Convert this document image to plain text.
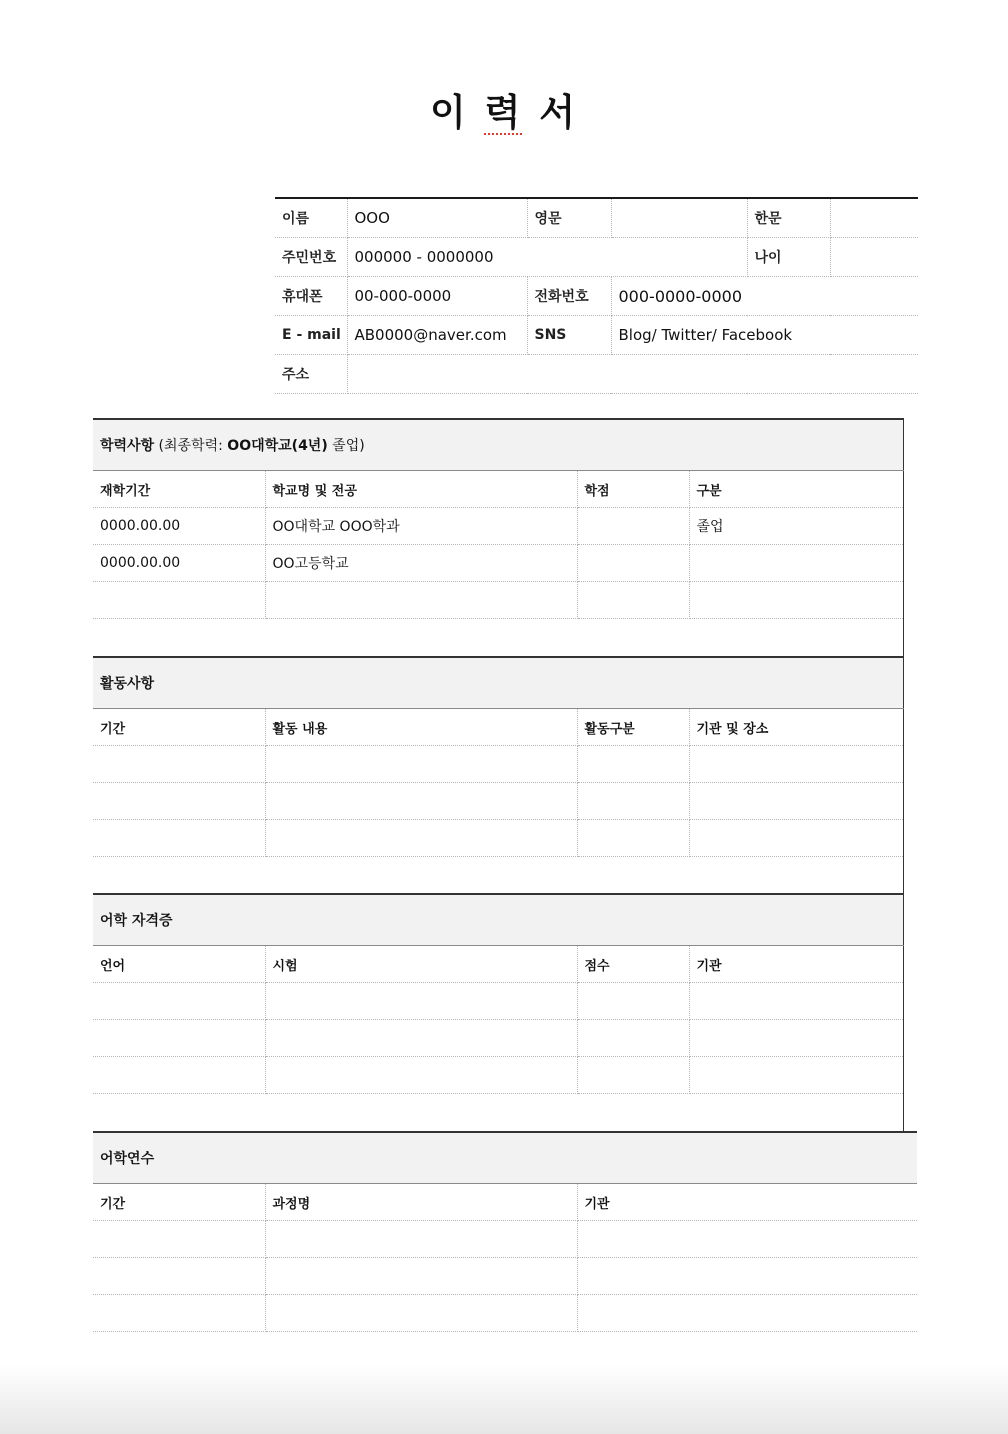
이 력 서
이름	OOO	영문		한문	
주민번호	000000 - 0000000			나이	
휴대폰	00-000-0000	전화번호	000-0000-0000		
E - mail	AB0000@naver.com	SNS	Blog/ Twitter/ Facebook		
주소					
학력사항 (최종학력: OO대학교(4년) 졸업)			
재학기간	학교명 및 전공	학점	구분
0000.00.00	OO대학교 OOO학과		졸업
0000.00.00	OO고등학교		

활동사항			
기간	활동 내용	활동구분	기관 및 장소

어학 자격증			
언어	시험	점수	기관

어학연수		
기간	과정명	기관
